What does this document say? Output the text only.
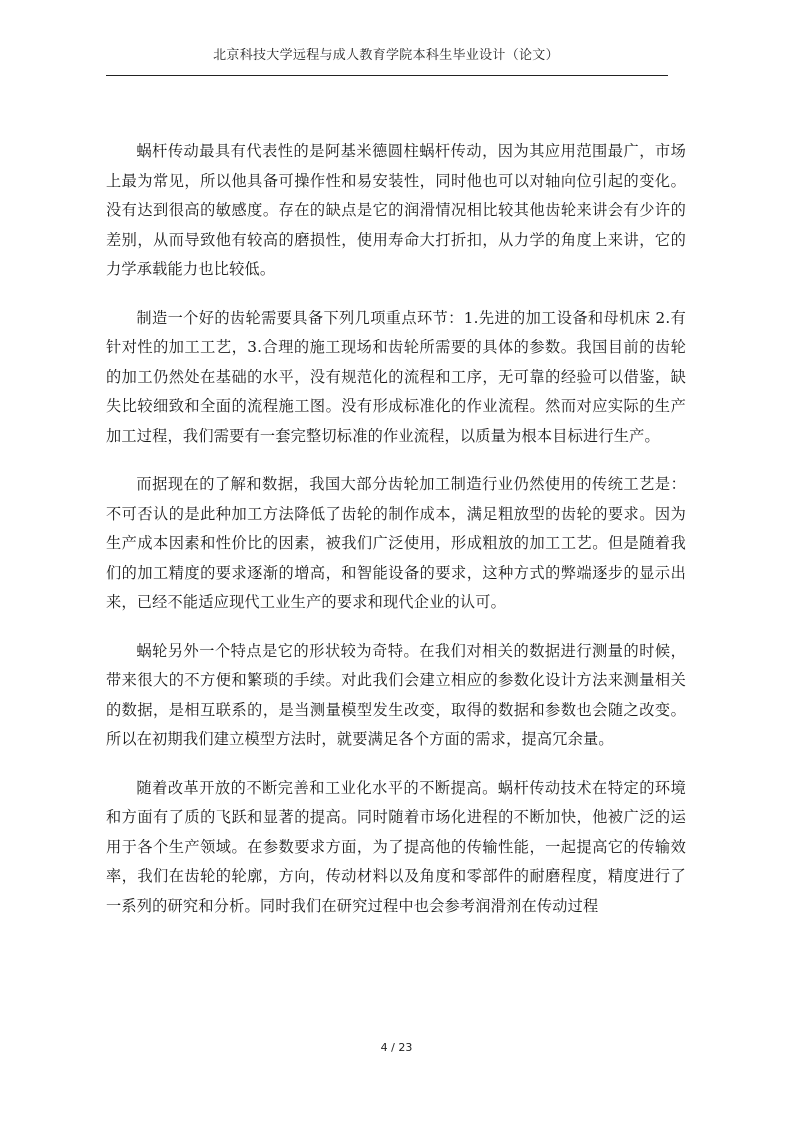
北京科技大学远程与成人教育学院本科生毕业设计（论文）

蜗杆传动最具有代表性的是阿基米德圆柱蜗杆传动，因为其应用范围最广，市场上最为常见，所以他具备可操作性和易安装性，同时他也可以对轴向位引起的变化。没有达到很高的敏感度。存在的缺点是它的润滑情况相比较其他齿轮来讲会有少许的差别，从而导致他有较高的磨损性，使用寿命大打折扣，从力学的角度上来讲，它的力学承载能力也比较低。

制造一个好的齿轮需要具备下列几项重点环节：1.先进的加工设备和母机床 2.有针对性的加工工艺，3.合理的施工现场和齿轮所需要的具体的参数。我国目前的齿轮的加工仍然处在基础的水平，没有规范化的流程和工序，无可靠的经验可以借鉴，缺失比较细致和全面的流程施工图。没有形成标准化的作业流程。然而对应实际的生产加工过程，我们需要有一套完整切标准的作业流程，以质量为根本目标进行生产。

而据现在的了解和数据，我国大部分齿轮加工制造行业仍然使用的传统工艺是：不可否认的是此种加工方法降低了齿轮的制作成本，满足粗放型的齿轮的要求。因为生产成本因素和性价比的因素，被我们广泛使用，形成粗放的加工工艺。但是随着我们的加工精度的要求逐渐的增高，和智能设备的要求，这种方式的弊端逐步的显示出来，已经不能适应现代工业生产的要求和现代企业的认可。

蜗轮另外一个特点是它的形状较为奇特。在我们对相关的数据进行测量的时候，带来很大的不方便和繁琐的手续。对此我们会建立相应的参数化设计方法来测量相关的数据，是相互联系的，是当测量模型发生改变，取得的数据和参数也会随之改变。所以在初期我们建立模型方法时，就要满足各个方面的需求，提高冗余量。

随着改革开放的不断完善和工业化水平的不断提高。蜗杆传动技术在特定的环境和方面有了质的飞跃和显著的提高。同时随着市场化进程的不断加快，他被广泛的运用于各个生产领域。在参数要求方面，为了提高他的传输性能，一起提高它的传输效率，我们在齿轮的轮廓，方向，传动材料以及角度和零部件的耐磨程度，精度进行了一系列的研究和分析。同时我们在研究过程中也会参考润滑剂在传动过程

4 / 23
